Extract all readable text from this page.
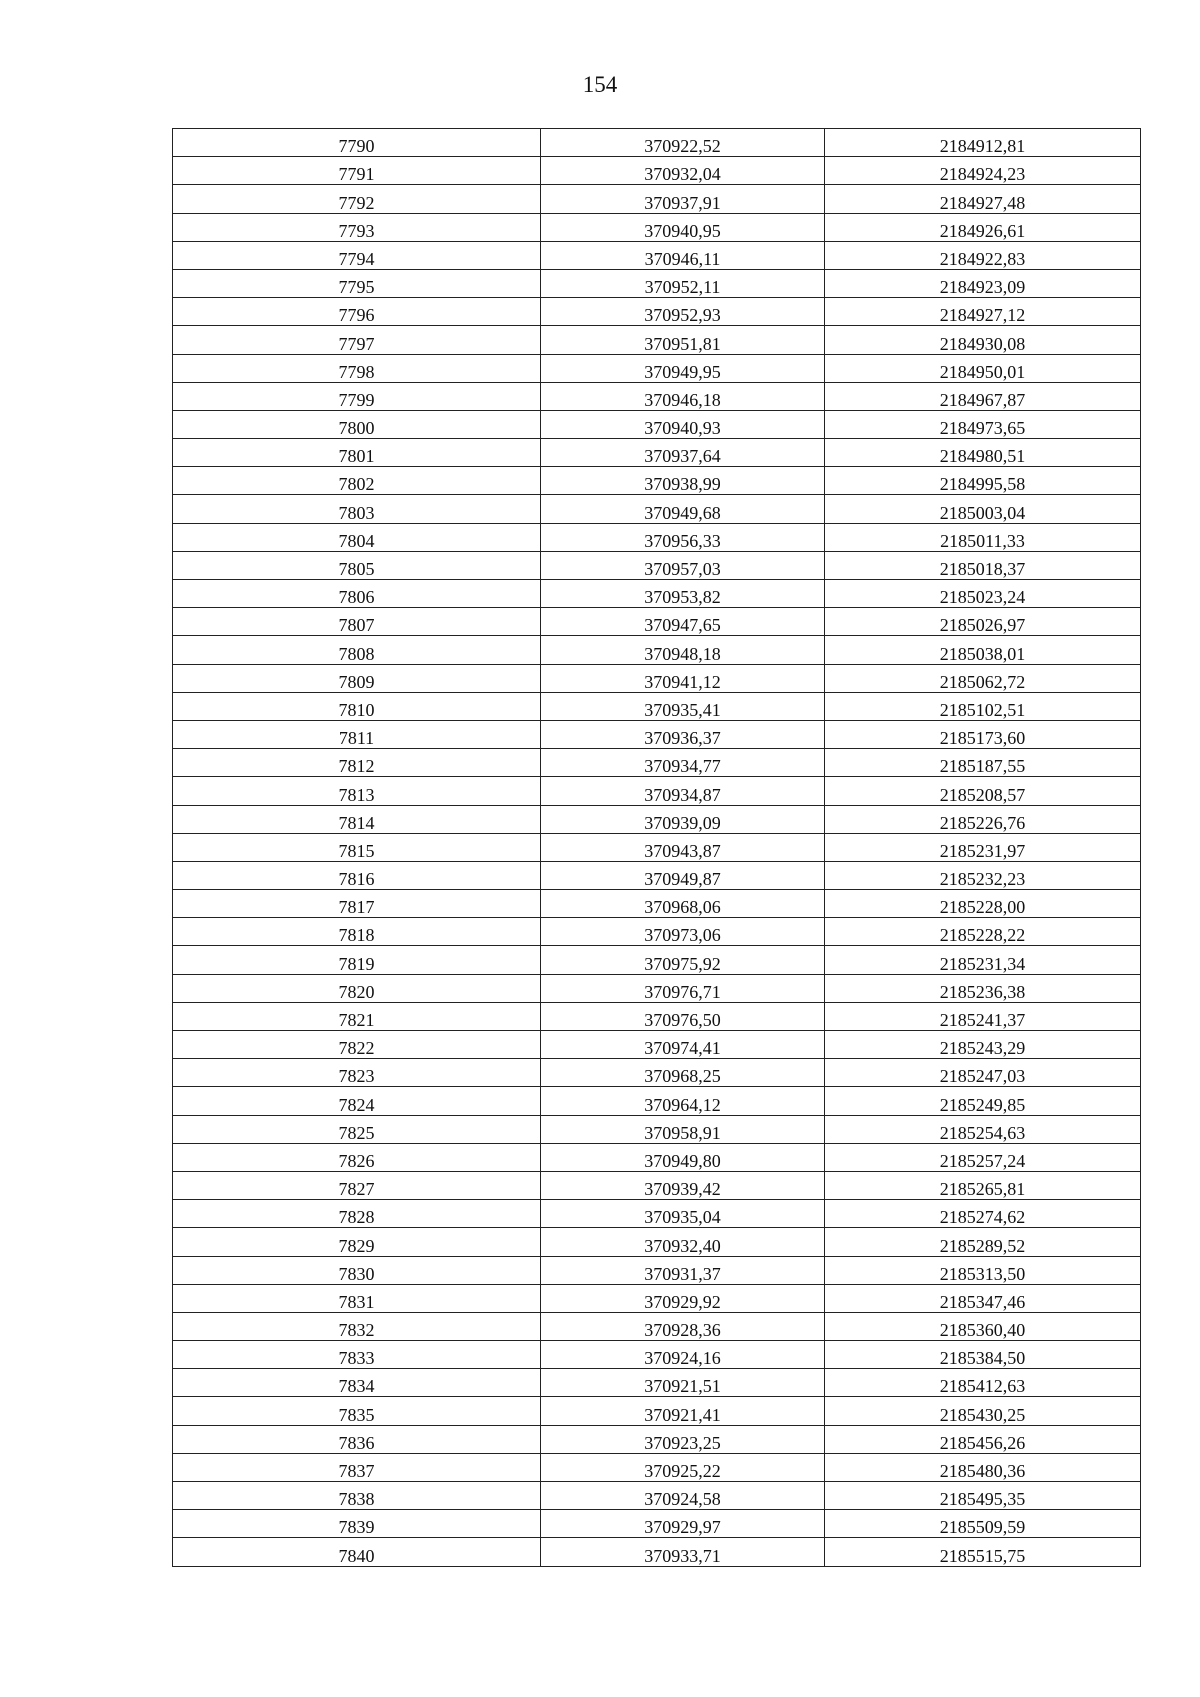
154
7790	370922,52	2184912,81
7791	370932,04	2184924,23
7792	370937,91	2184927,48
7793	370940,95	2184926,61
7794	370946,11	2184922,83
7795	370952,11	2184923,09
7796	370952,93	2184927,12
7797	370951,81	2184930,08
7798	370949,95	2184950,01
7799	370946,18	2184967,87
7800	370940,93	2184973,65
7801	370937,64	2184980,51
7802	370938,99	2184995,58
7803	370949,68	2185003,04
7804	370956,33	2185011,33
7805	370957,03	2185018,37
7806	370953,82	2185023,24
7807	370947,65	2185026,97
7808	370948,18	2185038,01
7809	370941,12	2185062,72
7810	370935,41	2185102,51
7811	370936,37	2185173,60
7812	370934,77	2185187,55
7813	370934,87	2185208,57
7814	370939,09	2185226,76
7815	370943,87	2185231,97
7816	370949,87	2185232,23
7817	370968,06	2185228,00
7818	370973,06	2185228,22
7819	370975,92	2185231,34
7820	370976,71	2185236,38
7821	370976,50	2185241,37
7822	370974,41	2185243,29
7823	370968,25	2185247,03
7824	370964,12	2185249,85
7825	370958,91	2185254,63
7826	370949,80	2185257,24
7827	370939,42	2185265,81
7828	370935,04	2185274,62
7829	370932,40	2185289,52
7830	370931,37	2185313,50
7831	370929,92	2185347,46
7832	370928,36	2185360,40
7833	370924,16	2185384,50
7834	370921,51	2185412,63
7835	370921,41	2185430,25
7836	370923,25	2185456,26
7837	370925,22	2185480,36
7838	370924,58	2185495,35
7839	370929,97	2185509,59
7840	370933,71	2185515,75
